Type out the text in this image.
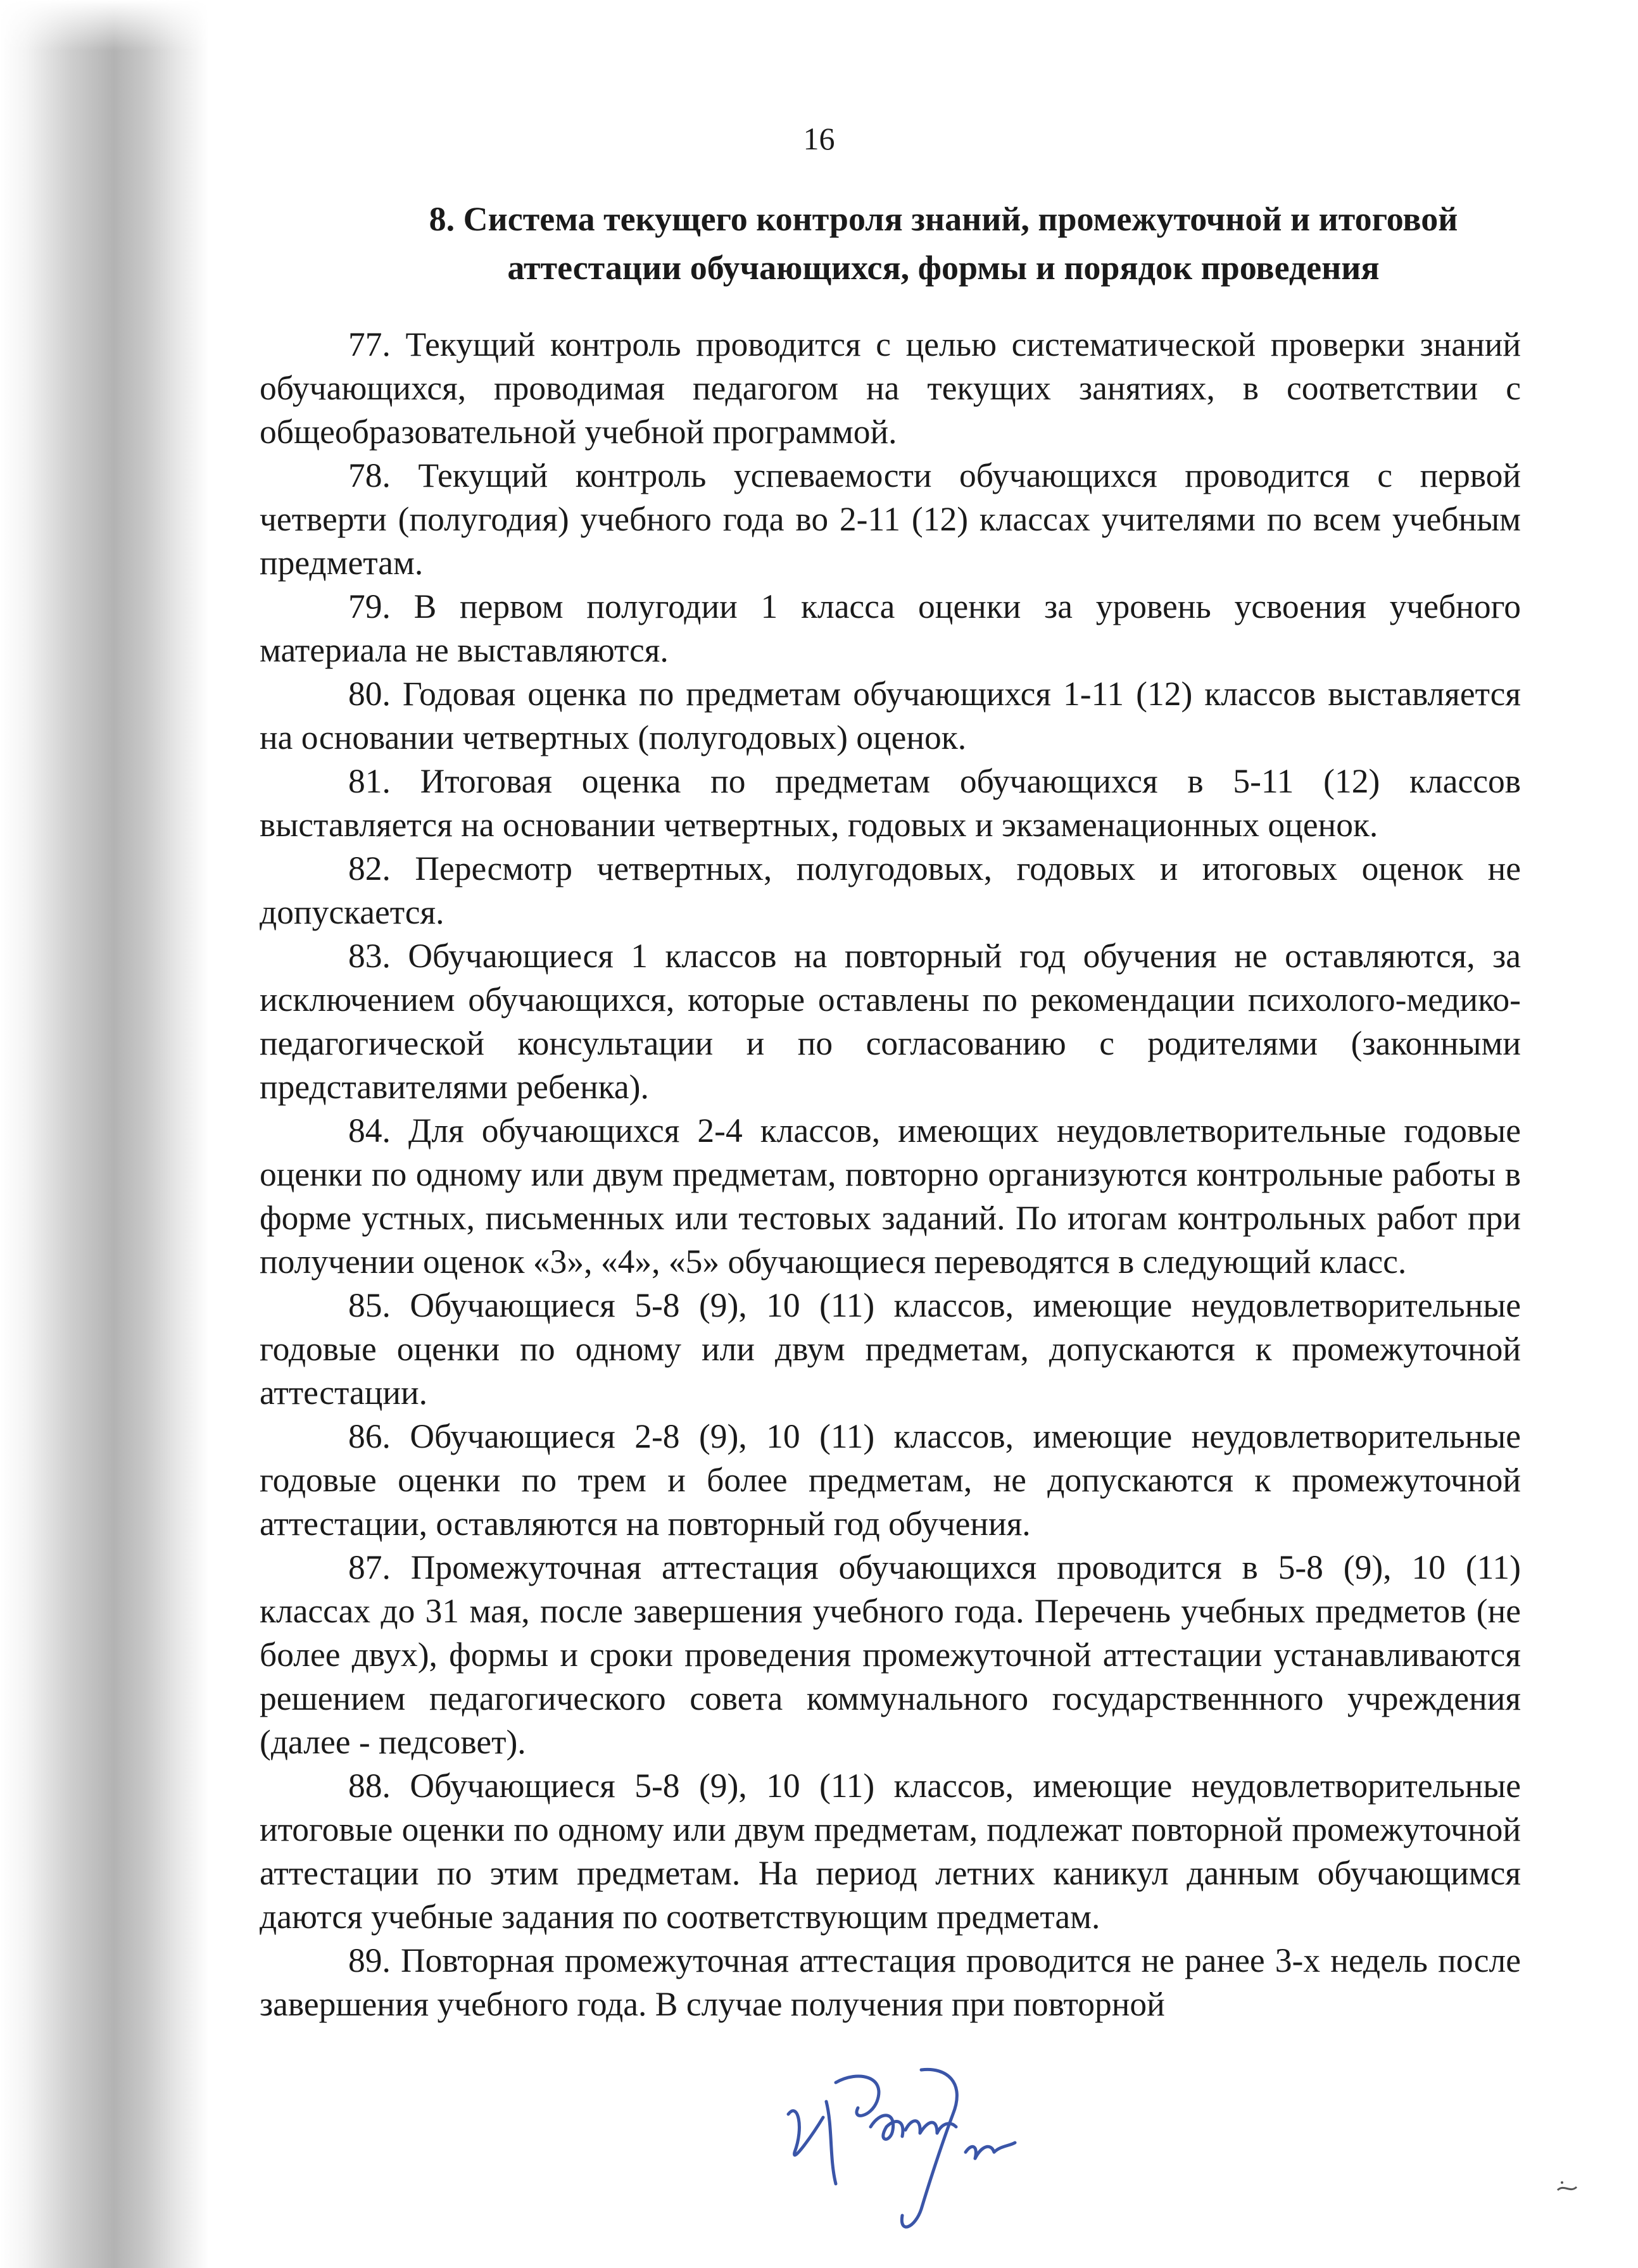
16
8. Система текущего контроля знаний, промежуточной и итоговой
аттестации обучающихся, формы и порядок проведения

77. Текущий контроль проводится с целью систематической проверки знаний обучающихся, проводимая педагогом на текущих занятиях, в соответствии с общеобразовательной учебной программой.

78. Текущий контроль успеваемости обучающихся проводится с первой четверти (полугодия) учебного года во 2-11 (12) классах учителями по всем учебным предметам.

79. В первом полугодии 1 класса оценки за уровень усвоения учебного материала не выставляются.

80. Годовая оценка по предметам обучающихся 1-11 (12) классов выставляется на основании четвертных (полугодовых) оценок.

81. Итоговая оценка по предметам обучающихся в 5-11 (12) классов выставляется на основании четвертных, годовых и экзаменационных оценок.

82. Пересмотр четвертных, полугодовых, годовых и итоговых оценок не допускается.

83. Обучающиеся 1 классов на повторный год обучения не оставляются, за исключением обучающихся, которые оставлены по рекомендации психолого-медико-педагогической консультации и по согласованию с родителями (законными представителями ребенка).

84. Для обучающихся 2-4 классов, имеющих неудовлетворительные годовые оценки по одному или двум предметам, повторно организуются контрольные работы в форме устных, письменных или тестовых заданий. По итогам контрольных работ при получении оценок «3», «4», «5» обучающиеся переводятся в следующий класс.

85. Обучающиеся 5-8 (9), 10 (11) классов, имеющие неудовлетворительные годовые оценки по одному или двум предметам, допускаются к промежуточной аттестации.

86. Обучающиеся 2-8 (9), 10 (11) классов, имеющие неудовлетворительные годовые оценки по трем и более предметам, не допускаются к промежуточной аттестации, оставляются на повторный год обучения.

87. Промежуточная аттестация обучающихся проводится в 5-8 (9), 10 (11) классах до 31 мая, после завершения учебного года. Перечень учебных предметов (не более двух), формы и сроки проведения промежуточной аттестации устанавливаются решением педагогического совета коммунального государственнного учреждения (далее - педсовет).

88. Обучающиеся 5-8 (9), 10 (11) классов, имеющие неудовлетворительные итоговые оценки по одному или двум предметам, подлежат повторной промежуточной аттестации по этим предметам. На период летних каникул данным обучающимся даются учебные задания по соответствующим предметам.

89. Повторная промежуточная аттестация проводится не ранее 3-х недель после завершения учебного года. В случае получения при повторной
